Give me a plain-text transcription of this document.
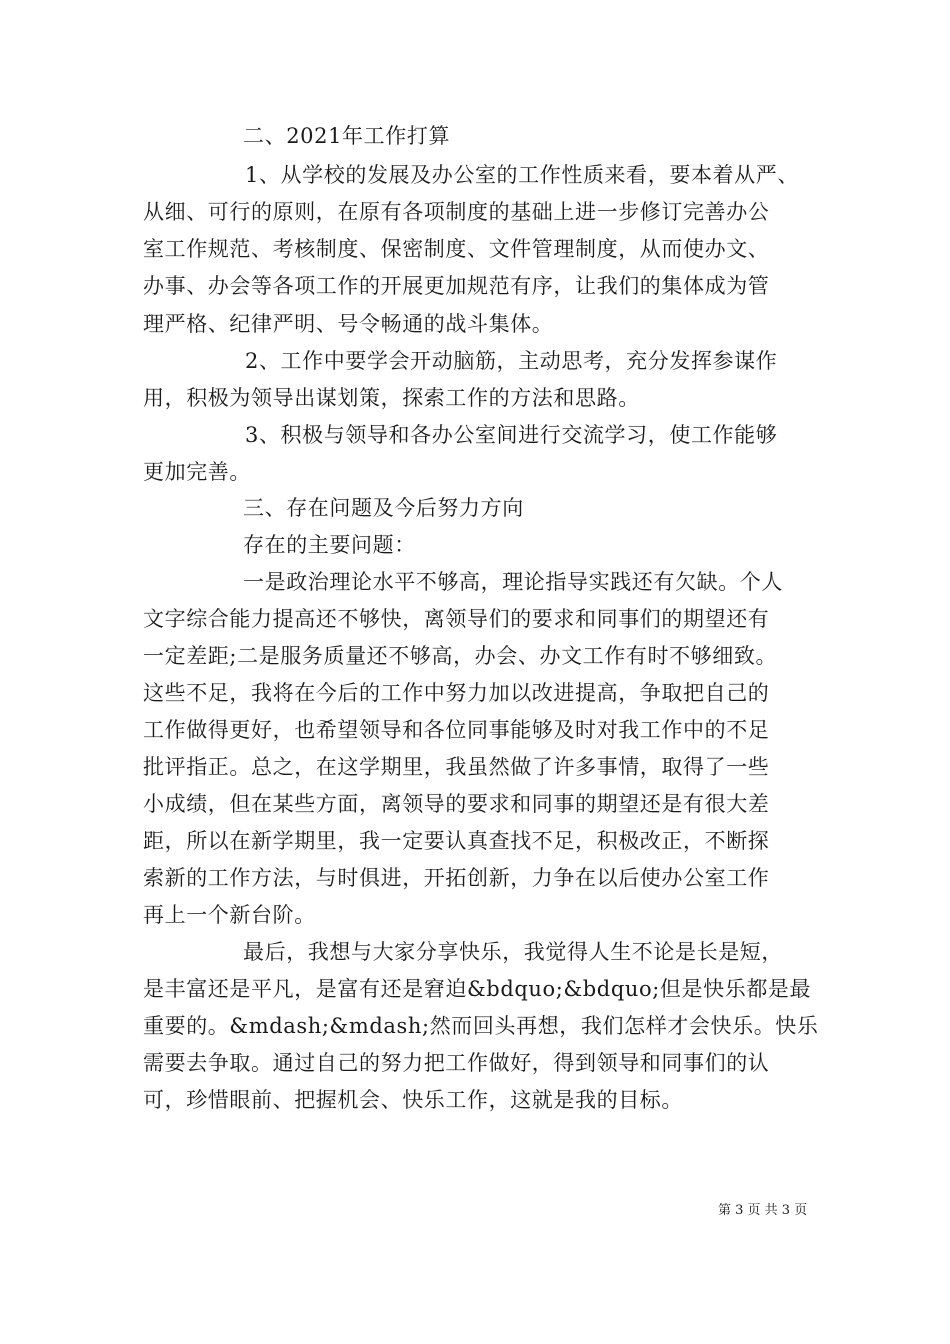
二、2021年工作打算
1、从学校的发展及办公室的工作性质来看，要本着从严、
从细、可行的原则，在原有各项制度的基础上进一步修订完善办公
室工作规范、考核制度、保密制度、文件管理制度，从而使办文、
办事、办会等各项工作的开展更加规范有序，让我们的集体成为管
理严格、纪律严明、号令畅通的战斗集体。
2、工作中要学会开动脑筋，主动思考，充分发挥参谋作
用，积极为领导出谋划策，探索工作的方法和思路。
3、积极与领导和各办公室间进行交流学习，使工作能够
更加完善。
三、存在问题及今后努力方向
存在的主要问题：
一是政治理论水平不够高，理论指导实践还有欠缺。个人
文字综合能力提高还不够快，离领导们的要求和同事们的期望还有
一定差距;二是服务质量还不够高，办会、办文工作有时不够细致。
这些不足，我将在今后的工作中努力加以改进提高，争取把自己的
工作做得更好，也希望领导和各位同事能够及时对我工作中的不足
批评指正。总之，在这学期里，我虽然做了许多事情，取得了一些
小成绩，但在某些方面，离领导的要求和同事的期望还是有很大差
距，所以在新学期里，我一定要认真查找不足，积极改正，不断探
索新的工作方法，与时俱进，开拓创新，力争在以后使办公室工作
再上一个新台阶。
最后，我想与大家分享快乐，我觉得人生不论是长是短，
是丰富还是平凡，是富有还是窘迫&bdquo;&bdquo;但是快乐都是最
重要的。&mdash;&mdash;然而回头再想，我们怎样才会快乐。快乐
需要去争取。通过自己的努力把工作做好，得到领导和同事们的认
可，珍惜眼前、把握机会、快乐工作，这就是我的目标。
第 3 页 共 3 页
